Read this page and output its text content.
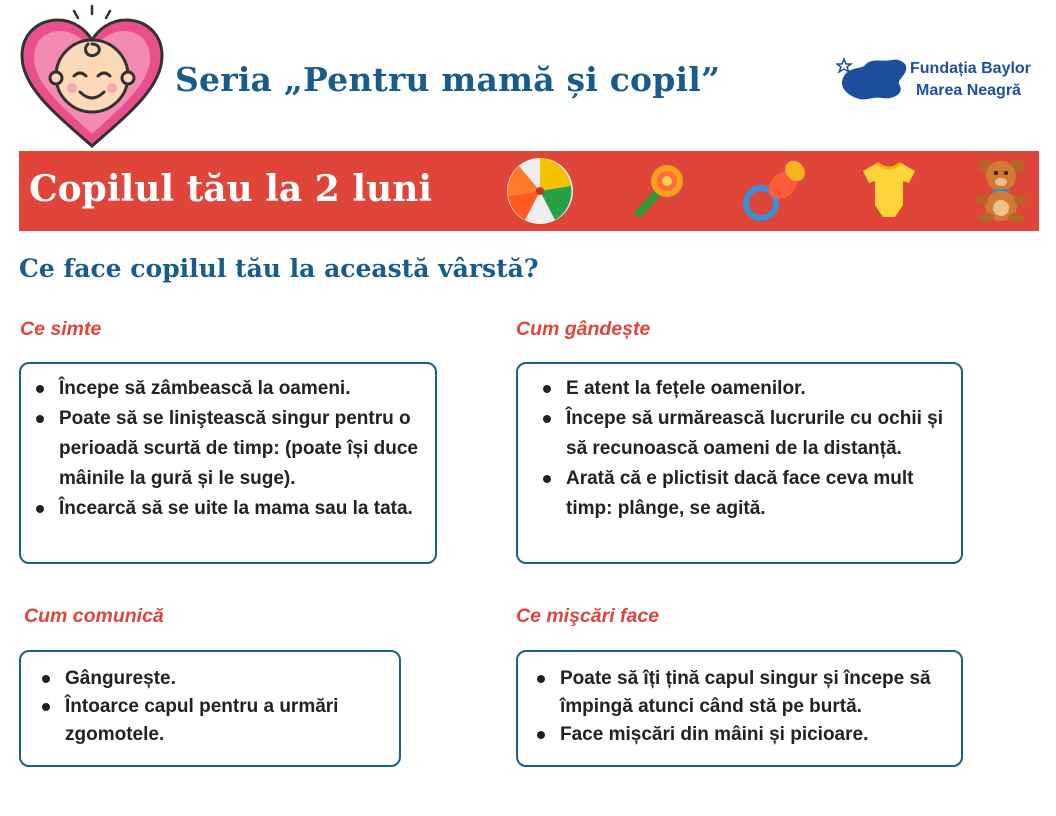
Seria „Pentru mamă și copil”	Fundația Baylor
Marea Neagră
Copilul tău la 2 luni
Ce face copilul tău la această vârstă?
Ce simte
Începe să zâmbească la oameni.
Poate să se liniştească singur pentru o perioadă scurtă de timp: (poate își duce mâinile la gură și le suge).
Încearcă să se uite la mama sau la tata.
Cum gândește
E atent la fețele oamenilor.
Începe să urmărească lucrurile cu ochii și să recunoască oameni de la distanță.
Arată că e plictisit dacă face ceva mult timp: plânge, se agită.
Cum comunică
Gângurește.
Întoarce capul pentru a urmări zgomotele.
Ce mişcări face
Poate să îți țină capul singur și începe să împingă atunci când stă pe burtă.
Face mișcări din mâini și picioare.
